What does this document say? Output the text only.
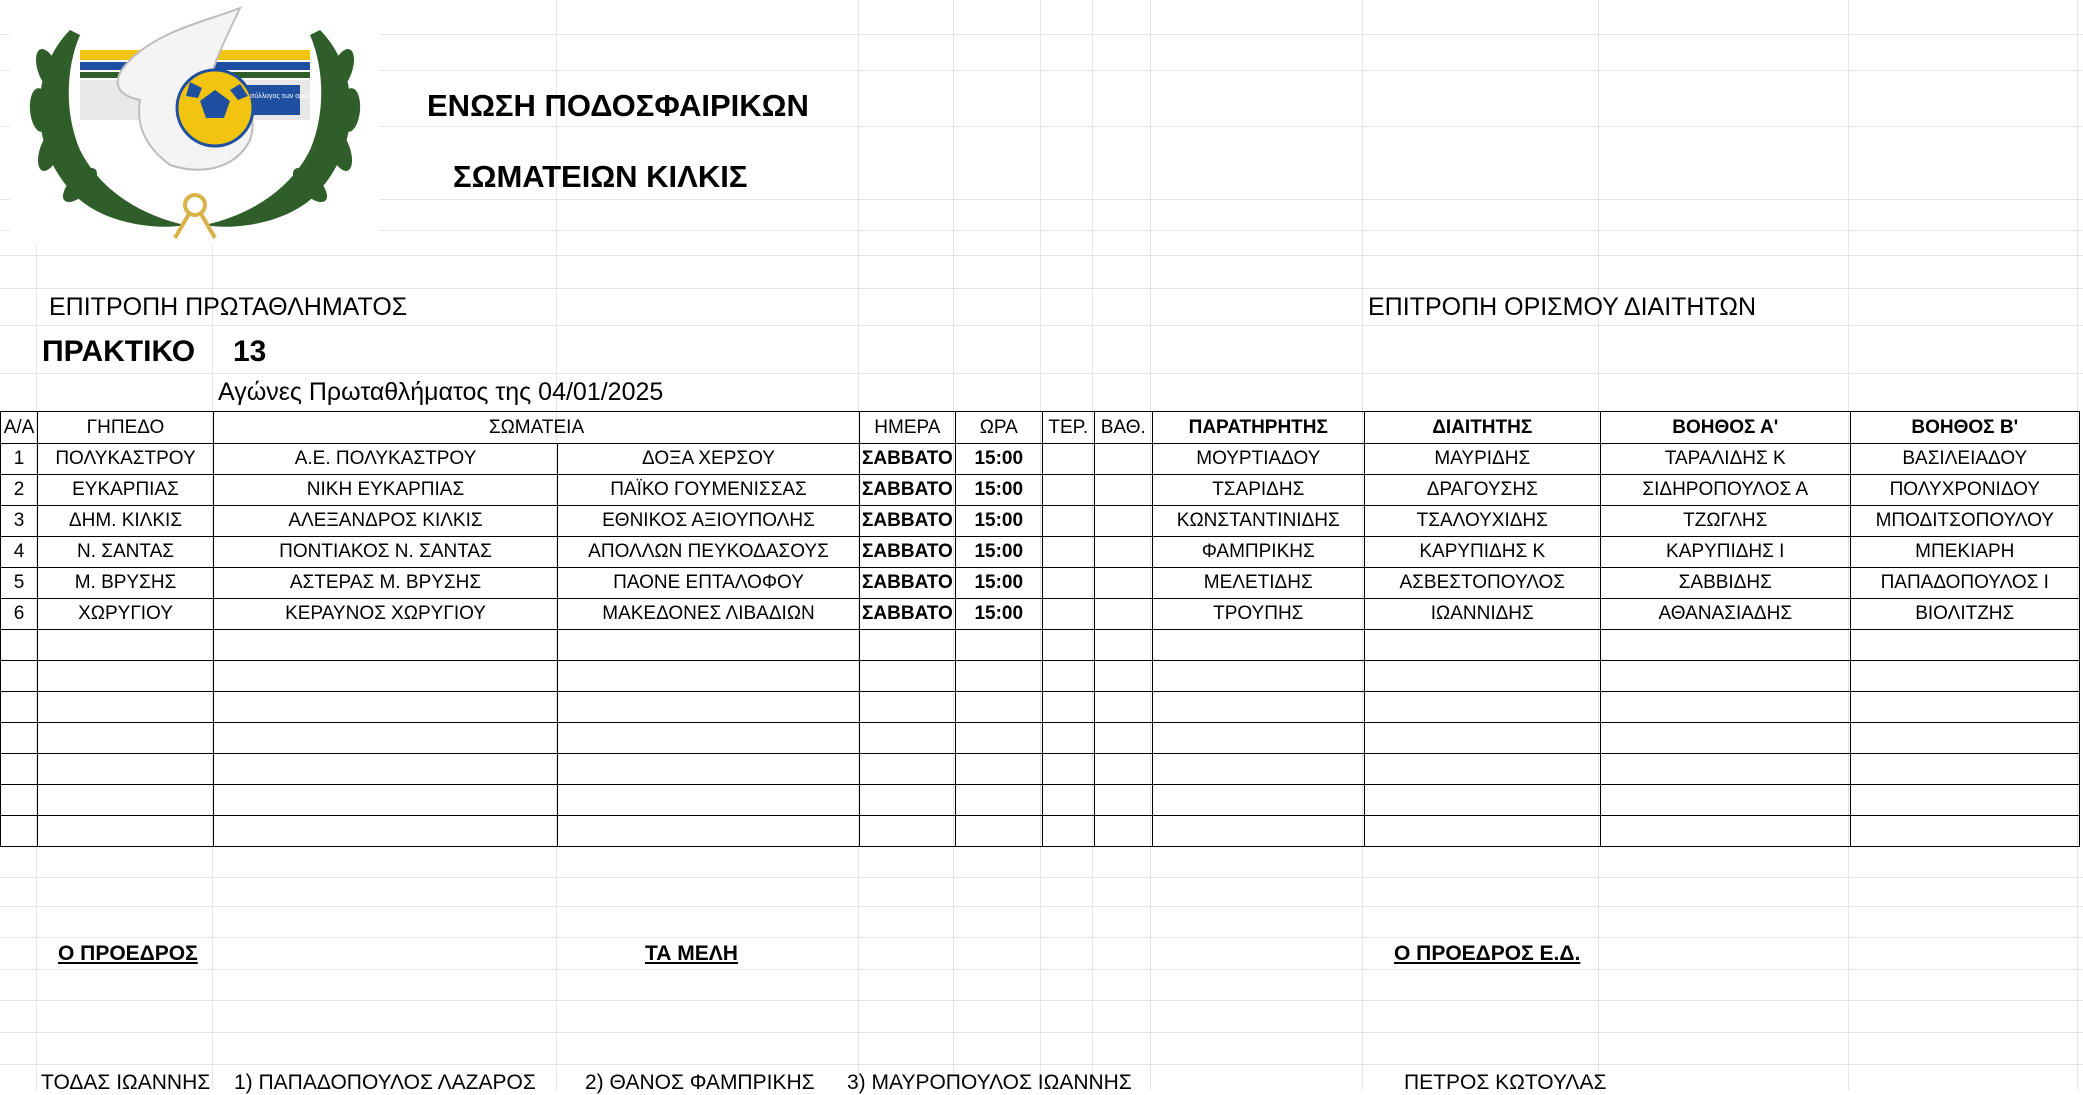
σύλλογος των ομάδων	ΕΝΩΣΗ ΠΟΔΟΣΦΑΙΡΙΚΩΝ
ΣΩΜΑΤΕΙΩΝ ΚΙΛΚΙΣ
ΕΠΙΤΡΟΠΗ ΠΡΩΤΑΘΛΗΜΑΤΟΣ	ΕΠΙΤΡΟΠΗ ΟΡΙΣΜΟΥ ΔΙΑΙΤΗΤΩΝ
ΠΡΑΚΤΙΚΟ 13
Αγώνες Πρωταθλήματος της 04/01/2025
Α/Α	ΓΗΠΕΔΟ	ΣΩΜΑΤΕΙΑ		ΗΜΕΡΑ	ΩΡΑ	ΤΕΡ.	ΒΑΘ.	ΠΑΡΑΤΗΡΗΤΗΣ	ΔΙΑΙΤΗΤΗΣ	ΒΟΗΘΟΣ Α'	ΒΟΗΘΟΣ Β'
1	ΠΟΛΥΚΑΣΤΡΟΥ	Α.Ε. ΠΟΛΥΚΑΣΤΡΟΥ	ΔΟΞΑ ΧΕΡΣΟΥ	ΣΑΒΒΑΤΟ	15:00			ΜΟΥΡΤΙΑΔΟΥ	ΜΑΥΡΙΔΗΣ	ΤΑΡΑΛΙΔΗΣ Κ	ΒΑΣΙΛΕΙΑΔΟΥ
2	ΕΥΚΑΡΠΙΑΣ	ΝΙΚΗ ΕΥΚΑΡΠΙΑΣ	ΠΑΪΚΟ ΓΟΥΜΕΝΙΣΣΑΣ	ΣΑΒΒΑΤΟ	15:00			ΤΣΑΡΙΔΗΣ	ΔΡΑΓΟΥΣΗΣ	ΣΙΔΗΡΟΠΟΥΛΟΣ Α	ΠΟΛΥΧΡΟΝΙΔΟΥ
3	ΔΗΜ. ΚΙΛΚΙΣ	ΑΛΕΞΑΝΔΡΟΣ ΚΙΛΚΙΣ	ΕΘΝΙΚΟΣ ΑΞΙΟΥΠΟΛΗΣ	ΣΑΒΒΑΤΟ	15:00			ΚΩΝΣΤΑΝΤΙΝΙΔΗΣ	ΤΣΑΛΟΥΧΙΔΗΣ	ΤΖΩΓΛΗΣ	ΜΠΟΔΙΤΣΟΠΟΥΛΟΥ
4	Ν. ΣΑΝΤΑΣ	ΠΟΝΤΙΑΚΟΣ Ν. ΣΑΝΤΑΣ	ΑΠΟΛΛΩΝ ΠΕΥΚΟΔΑΣΟΥΣ	ΣΑΒΒΑΤΟ	15:00			ΦΑΜΠΡΙΚΗΣ	ΚΑΡΥΠΙΔΗΣ Κ	ΚΑΡΥΠΙΔΗΣ Ι	ΜΠΕΚΙΑΡΗ
5	Μ. ΒΡΥΣΗΣ	ΑΣΤΕΡΑΣ Μ. ΒΡΥΣΗΣ	ΠΑΟΝΕ ΕΠΤΑΛΟΦΟΥ	ΣΑΒΒΑΤΟ	15:00			ΜΕΛΕΤΙΔΗΣ	ΑΣΒΕΣΤΟΠΟΥΛΟΣ	ΣΑΒΒΙΔΗΣ	ΠΑΠΑΔΟΠΟΥΛΟΣ Ι
6	ΧΩΡΥΓΙΟΥ	ΚΕΡΑΥΝΟΣ ΧΩΡΥΓΙΟΥ	ΜΑΚΕΔΟΝΕΣ ΛΙΒΑΔΙΩΝ	ΣΑΒΒΑΤΟ	15:00			ΤΡΟΥΠΗΣ	ΙΩΑΝΝΙΔΗΣ	ΑΘΑΝΑΣΙΑΔΗΣ	ΒΙΟΛΙΤΖΗΣ

Ο ΠΡΟΕΔΡΟΣ	ΤΑ ΜΕΛΗ	Ο ΠΡΟΕΔΡΟΣ Ε.Δ.
ΤΟΔΑΣ ΙΩΑΝΝΗΣ 1) ΠΑΠΑΔΟΠΟΥΛΟΣ ΛΑΖΑΡΟΣ 2) ΘΑΝΟΣ ΦΑΜΠΡΙΚΗΣ 3) ΜΑΥΡΟΠΟΥΛΟΣ ΙΩΑΝΝΗΣ	ΠΕΤΡΟΣ ΚΩΤΟΥΛΑΣ
